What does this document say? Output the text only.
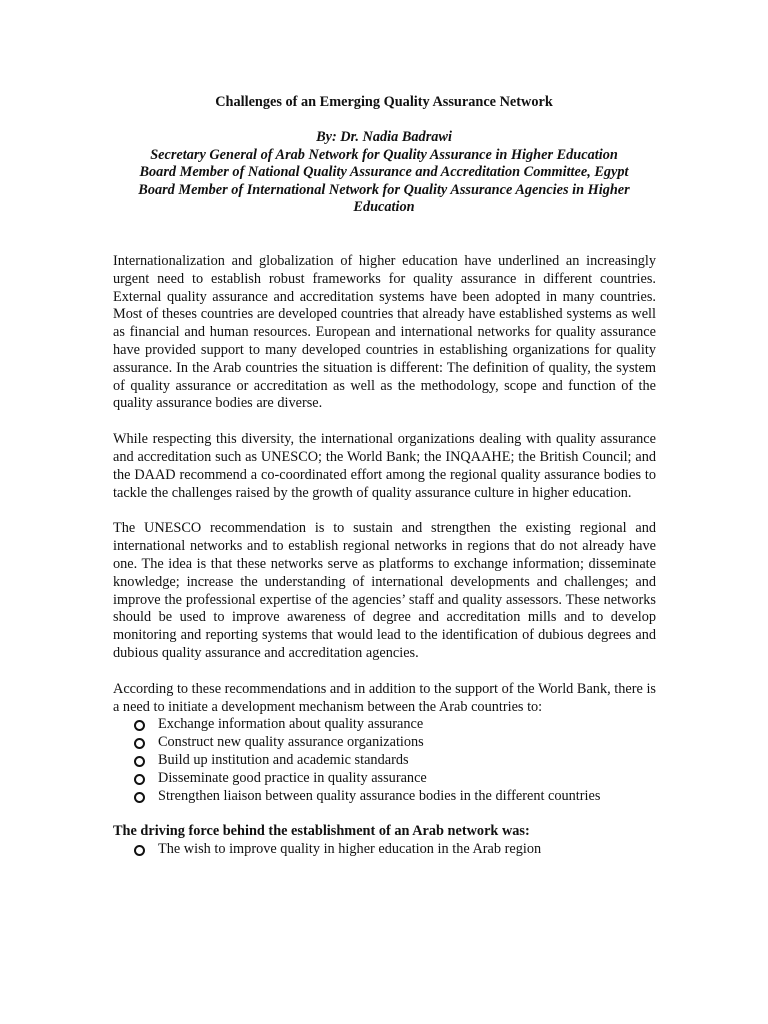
Challenges of an Emerging Quality Assurance Network
By: Dr. Nadia Badrawi
Secretary General of Arab Network for Quality Assurance in Higher Education
Board Member of National Quality Assurance and Accreditation Committee, Egypt
Board Member of International Network for Quality Assurance Agencies in Higher Education

Internationalization and globalization of higher education have underlined an increasingly urgent need to establish robust frameworks for quality assurance in different countries. External quality assurance and accreditation systems have been adopted in many countries. Most of theses countries are developed countries that already have established systems as well as financial and human resources. European and international networks for quality assurance have provided support to many developed countries in establishing organizations for quality assurance. In the Arab countries the situation is different: The definition of quality, the system of quality assurance or accreditation as well as the methodology, scope and function of the quality assurance bodies are diverse.

While respecting this diversity, the international organizations dealing with quality assurance and accreditation such as UNESCO; the World Bank; the INQAAHE; the British Council; and the DAAD recommend a co-coordinated effort among the regional quality assurance bodies to tackle the challenges raised by the growth of quality assurance culture in higher education.

The UNESCO recommendation is to sustain and strengthen the existing regional and international networks and to establish regional networks in regions that do not already have one. The idea is that these networks serve as platforms to exchange information; disseminate knowledge; increase the understanding of international developments and challenges; and improve the professional expertise of the agencies’ staff and quality assessors. These networks should be used to improve awareness of degree and accreditation mills and to develop monitoring and reporting systems that would lead to the identification of dubious degrees and dubious quality assurance and accreditation agencies.

According to these recommendations and in addition to the support of the World Bank, there is a need to initiate a development mechanism between the Arab countries to:

Exchange information about quality assurance
Construct new quality assurance organizations
Build up institution and academic standards
Disseminate good practice in quality assurance
Strengthen liaison between quality assurance bodies in the different countries

The driving force behind the establishment of an Arab network was:

The wish to improve quality in higher education in the Arab region
